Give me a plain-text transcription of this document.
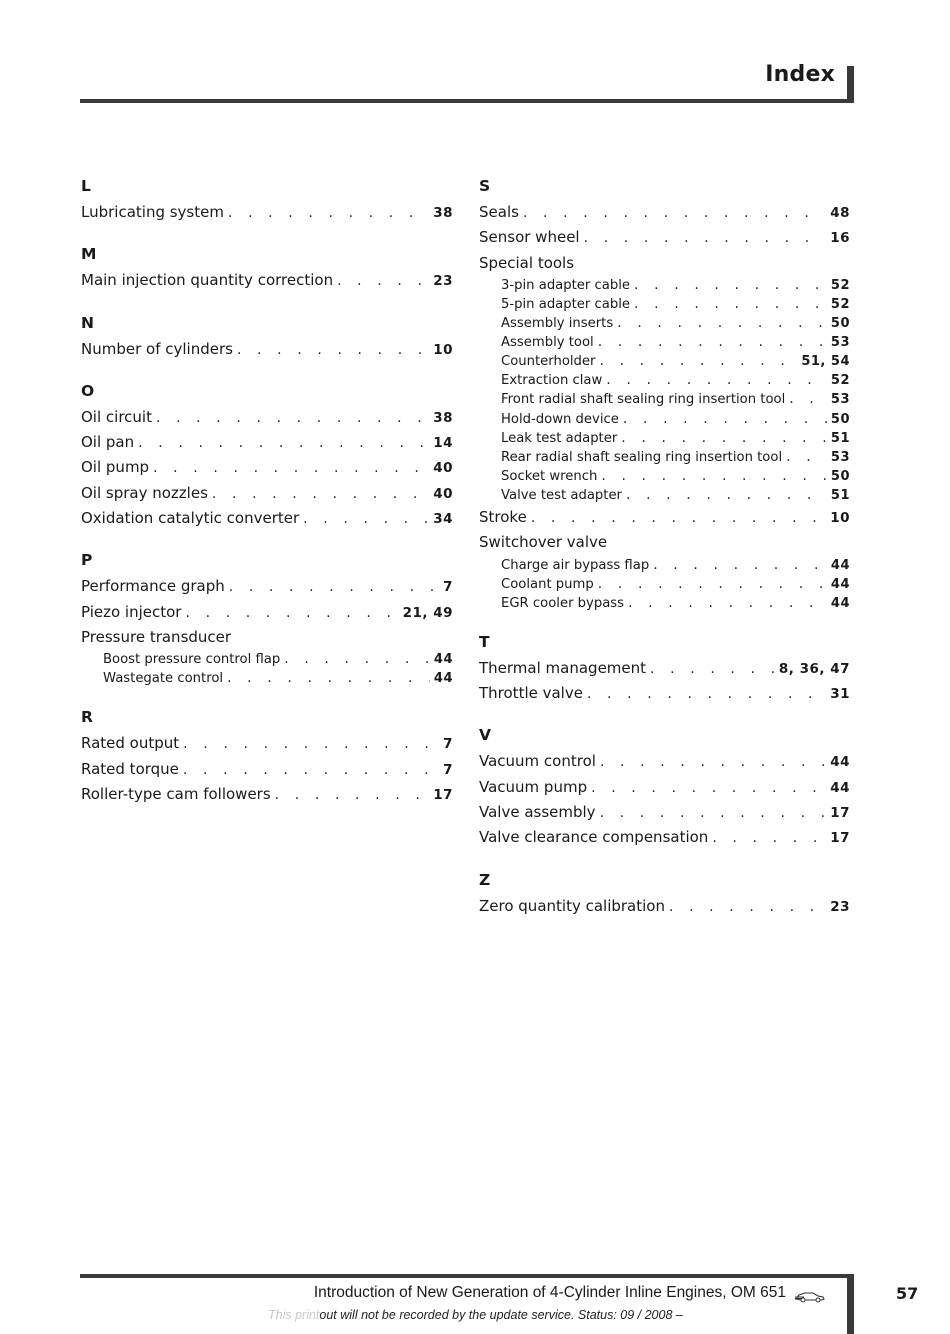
Index
L
Lubricating system . . .	38
M
Main injection quantity correction . . .	23
N
Number of cylinders . . .	10
O
Oil circuit . . .	38
Oil pan . . .	14
Oil pump . . .	40
Oil spray nozzles . . .	40
Oxidation catalytic converter . . .	34
P
Performance graph . . .	7
Piezo injector . . .	21, 49
Pressure transducer
Boost pressure control flap . . .	44
Wastegate control . . .	44
R
Rated output . . .	7
Rated torque . . .	7
Roller-type cam followers . . .	17
S
Seals . . .	48
Sensor wheel . . .	16
Special tools
3-pin adapter cable . . .	52
5-pin adapter cable . . .	52
Assembly inserts . . .	50
Assembly tool . . .	53
Counterholder . . .	51, 54
Extraction claw . . .	52
Front radial shaft sealing ring insertion tool . . .	53
Hold-down device . . .	50
Leak test adapter . . .	51
Rear radial shaft sealing ring insertion tool . . .	53
Socket wrench . . .	50
Valve test adapter . . .	51
Stroke . . .	10
Switchover valve
Charge air bypass flap . . .	44
Coolant pump . . .	44
EGR cooler bypass . . .	44
T
Thermal management . . .	8, 36, 47
Throttle valve . . .	31
V
Vacuum control . . .	44
Vacuum pump . . .	44
Valve assembly . . .	17
Valve clearance compensation . . .	17
Z
Zero quantity calibration . . .	23
Introduction of New Generation of 4-Cylinder Inline Engines, OM 651	57
This printout will not be recorded by the update service. Status: 09 / 2008 –
